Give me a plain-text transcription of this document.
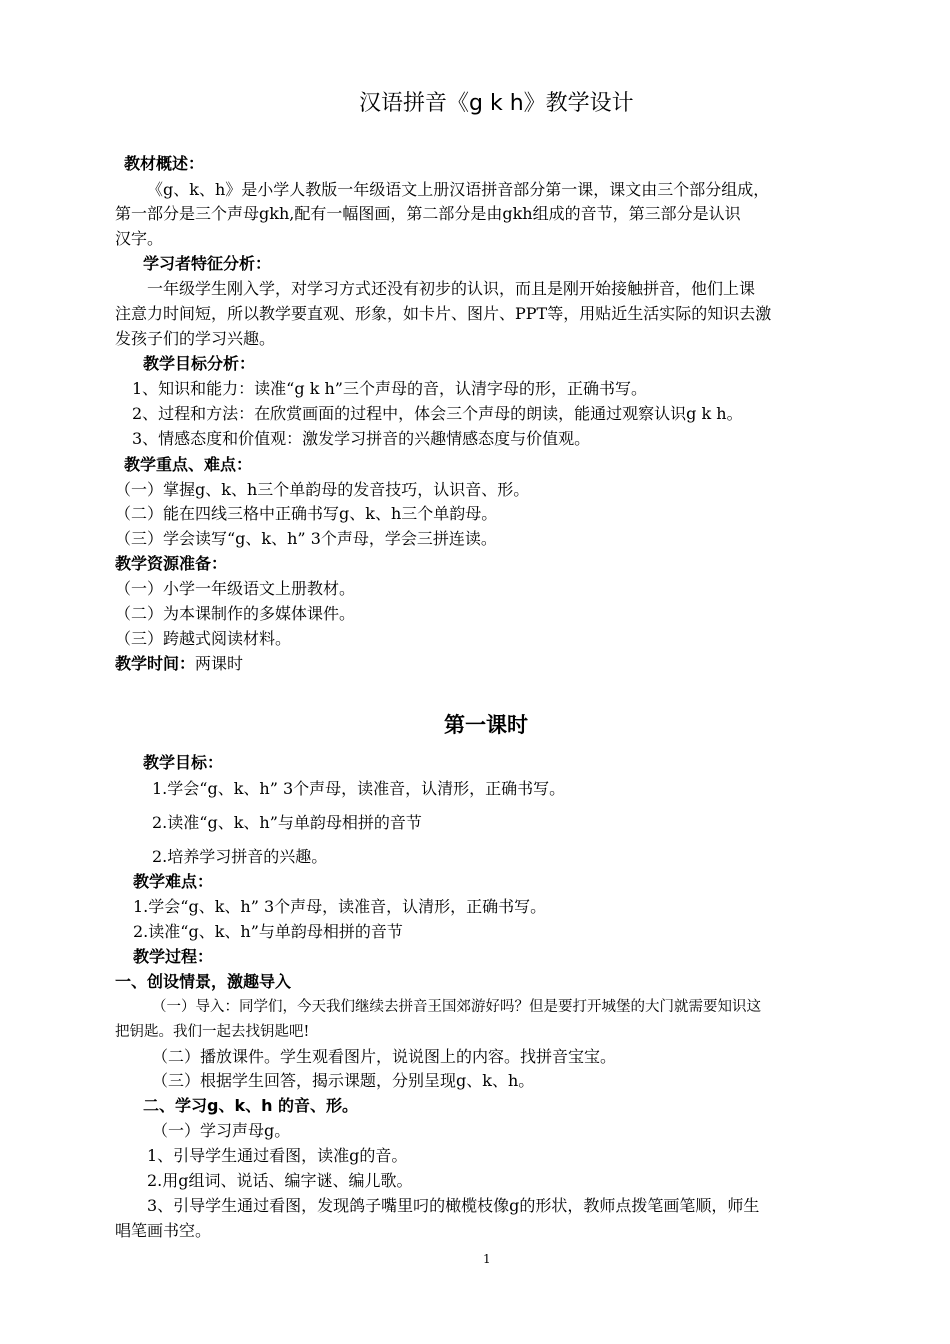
汉语拼音《g k h》教学设计
教材概述：
《g、k、h》是小学人教版一年级语文上册汉语拼音部分第一课，课文由三个部分组成，
第一部分是三个声母gkh,配有一幅图画，第二部分是由gkh组成的音节，第三部分是认识
汉字。
学习者特征分析：
一年级学生刚入学，对学习方式还没有初步的认识，而且是刚开始接触拼音，他们上课
注意力时间短，所以教学要直观、形象，如卡片、图片、PPT等，用贴近生活实际的知识去激
发孩子们的学习兴趣。
教学目标分析：
1、知识和能力：读准“g k h”三个声母的音，认清字母的形，正确书写。
2、过程和方法：在欣赏画面的过程中，体会三个声母的朗读，能通过观察认识g k h。
3、情感态度和价值观：激发学习拼音的兴趣情感态度与价值观。
教学重点、难点：
（一）掌握g、k、h三个单韵母的发音技巧，认识音、形。
（二）能在四线三格中正确书写g、k、h三个单韵母。
（三）学会读写“g、k、h” 3个声母，学会三拼连读。
教学资源准备：
（一）小学一年级语文上册教材。
（二）为本课制作的多媒体课件。
（三）跨越式阅读材料。
教学时间：两课时
第一课时
教学目标：
1.学会“g、k、h” 3个声母，读准音，认清形，正确书写。
2.读准“g、k、h”与单韵母相拼的音节
2.培养学习拼音的兴趣。
教学难点：
1.学会“g、k、h” 3个声母，读准音，认清形，正确书写。
2.读准“g、k、h”与单韵母相拼的音节
教学过程：
一、创设情景，激趣导入
（一）导入：同学们，今天我们继续去拼音王国郊游好吗？但是要打开城堡的大门就需要知识这
把钥匙。我们一起去找钥匙吧!
（二）播放课件。学生观看图片，说说图上的内容。找拼音宝宝。
（三）根据学生回答，揭示课题，分别呈现g、k、h。
二、学习g、k、h 的音、形。
（一）学习声母g。
1、引导学生通过看图，读准g的音。
2.用g组词、说话、编字谜、编儿歌。
3、引导学生通过看图，发现鸽子嘴里叼的橄榄枝像g的形状，教师点拨笔画笔顺，师生
唱笔画书空。
1
